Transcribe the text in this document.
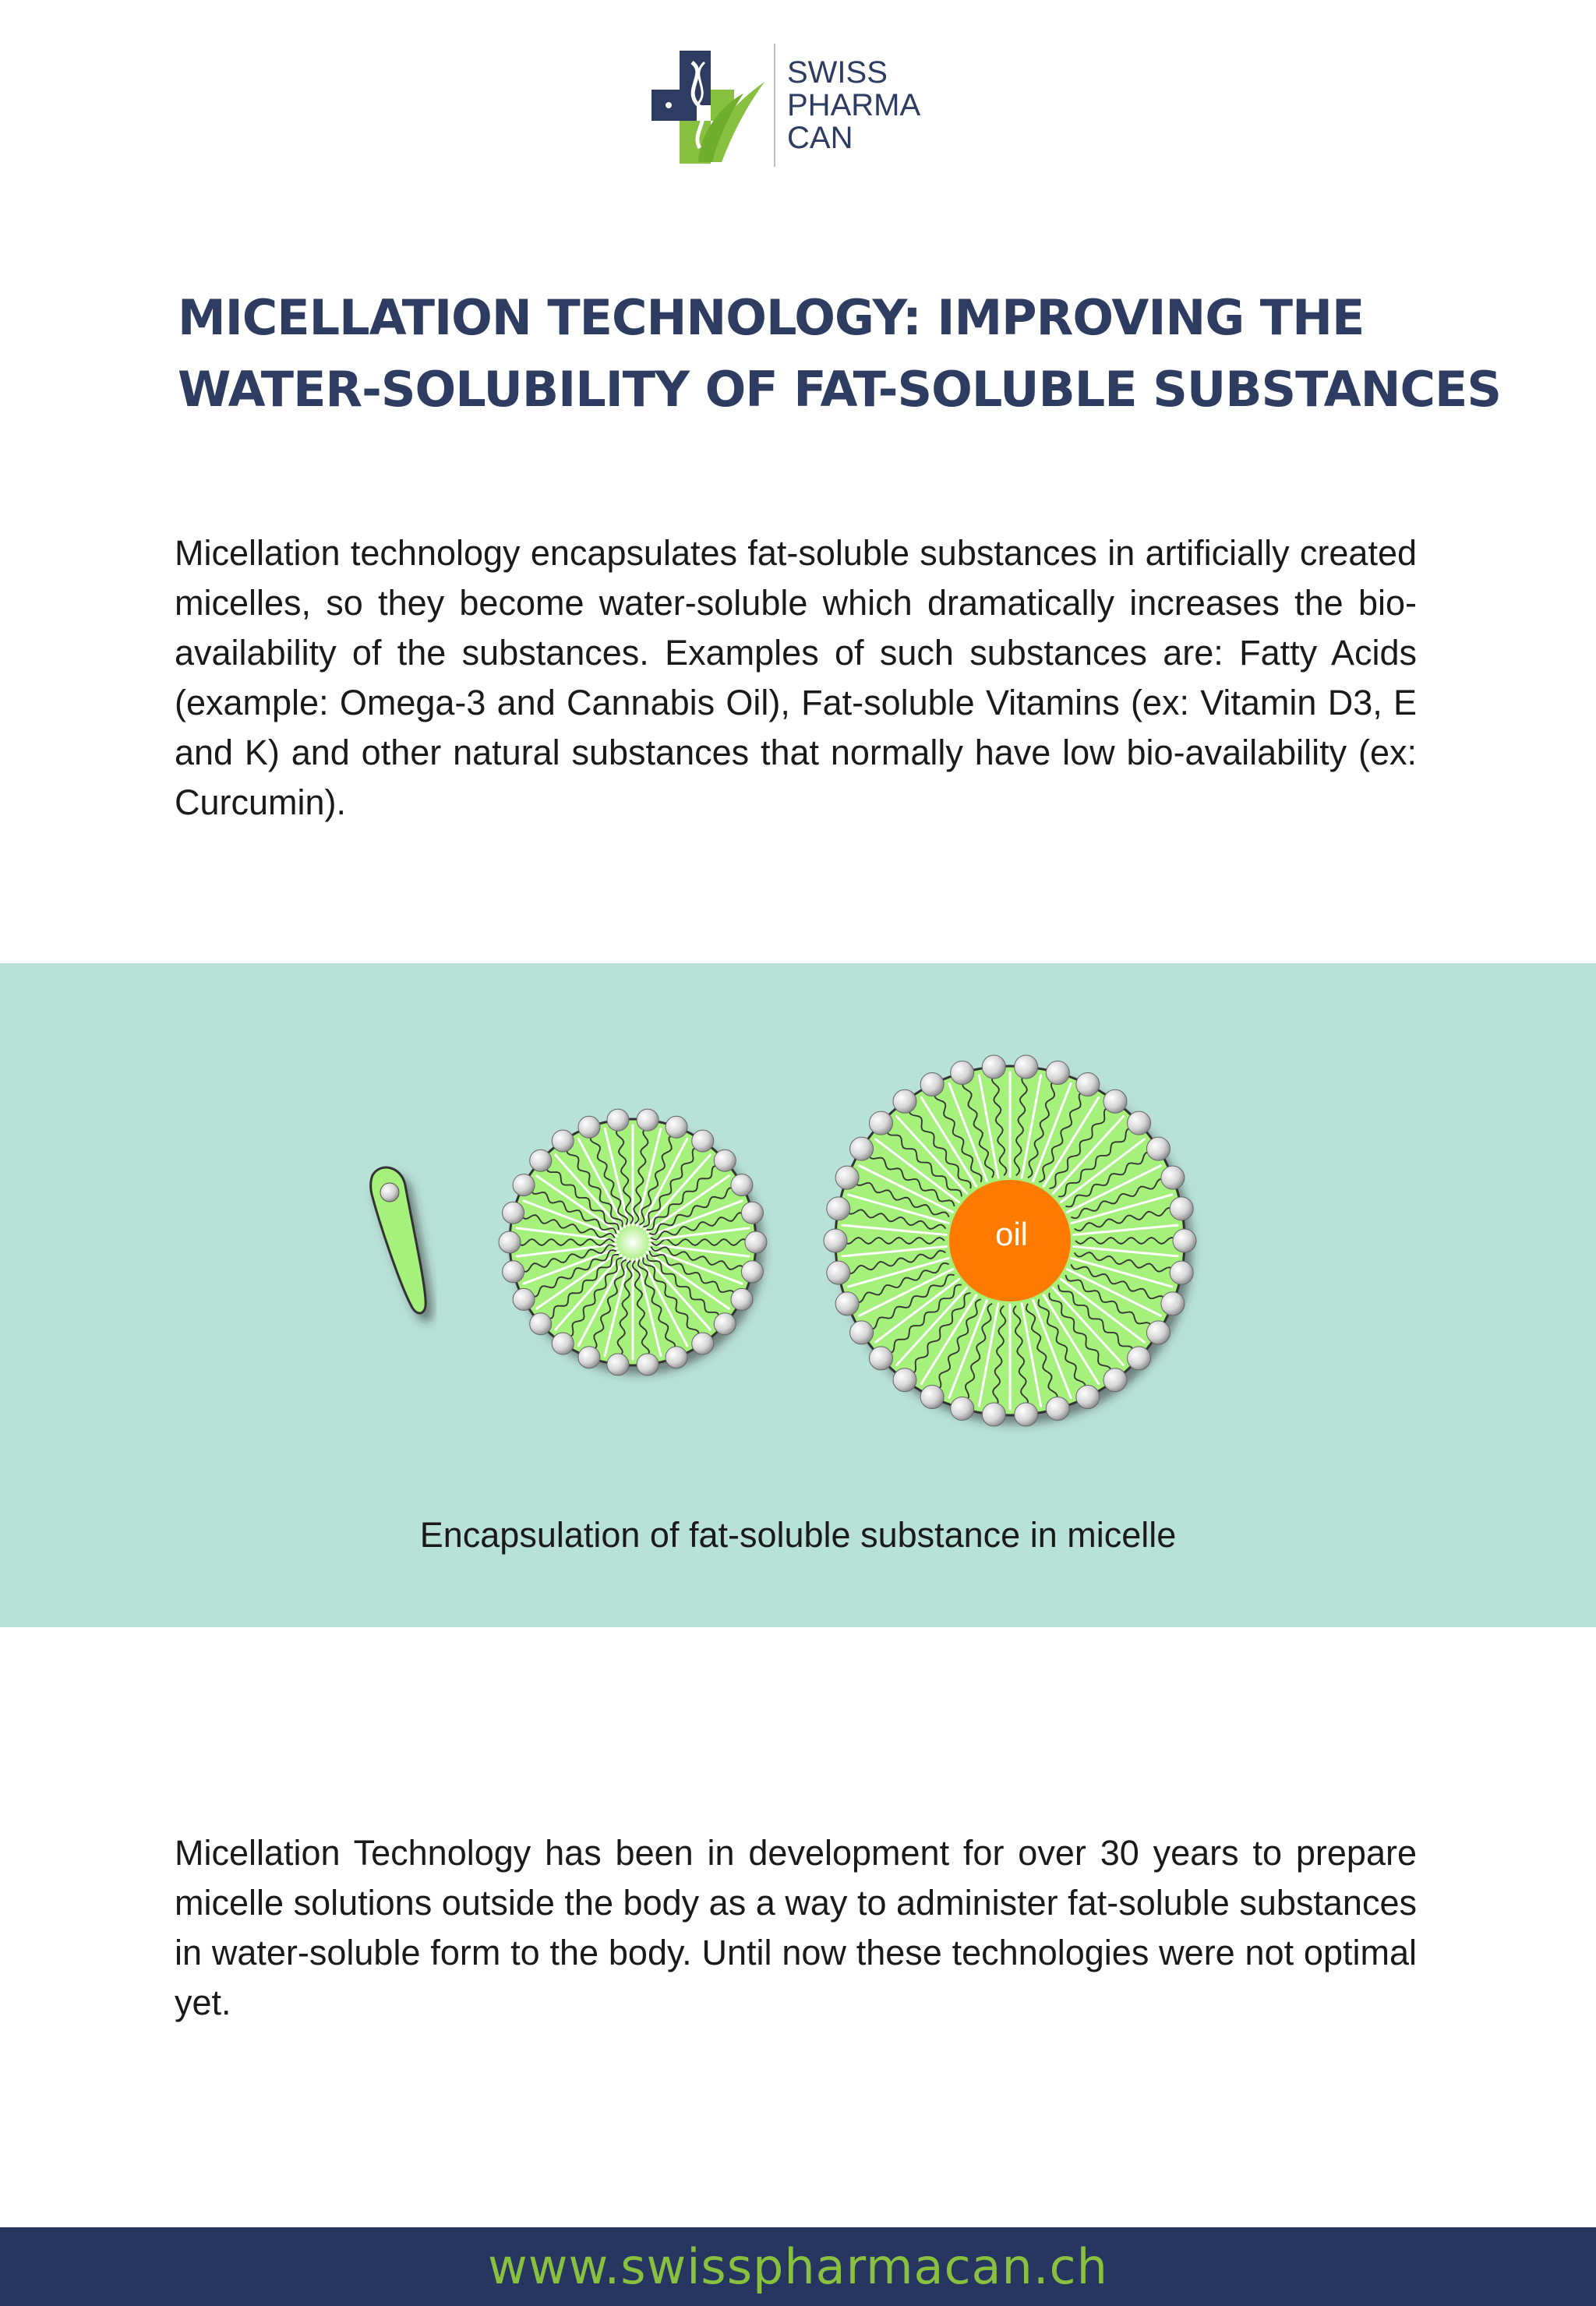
SWISS
PHARMA
CAN
MICELLATION TECHNOLOGY: IMPROVING THE
WATER-SOLUBILITY OF FAT-SOLUBLE SUBSTANCES

Micellation technology encapsulates fat-soluble substances in artificially created micelles, so they become water-soluble which dramatically increases the bio-availability of the substances. Examples of such substances are: Fatty Acids (example: Omega-3 and Cannabis Oil), Fat-soluble Vitamins (ex: Vitamin D3, E and K) and other natural substances that normally have low bio-availability (ex: Curcumin).

oil
Encapsulation of fat-soluble substance in micelle

Micellation Technology has been in development for over 30 years to prepare micelle solutions outside the body as a way to administer fat-soluble substances in water-soluble form to the body. Until now these technologies were not optimal yet.

www.swisspharmacan.ch
